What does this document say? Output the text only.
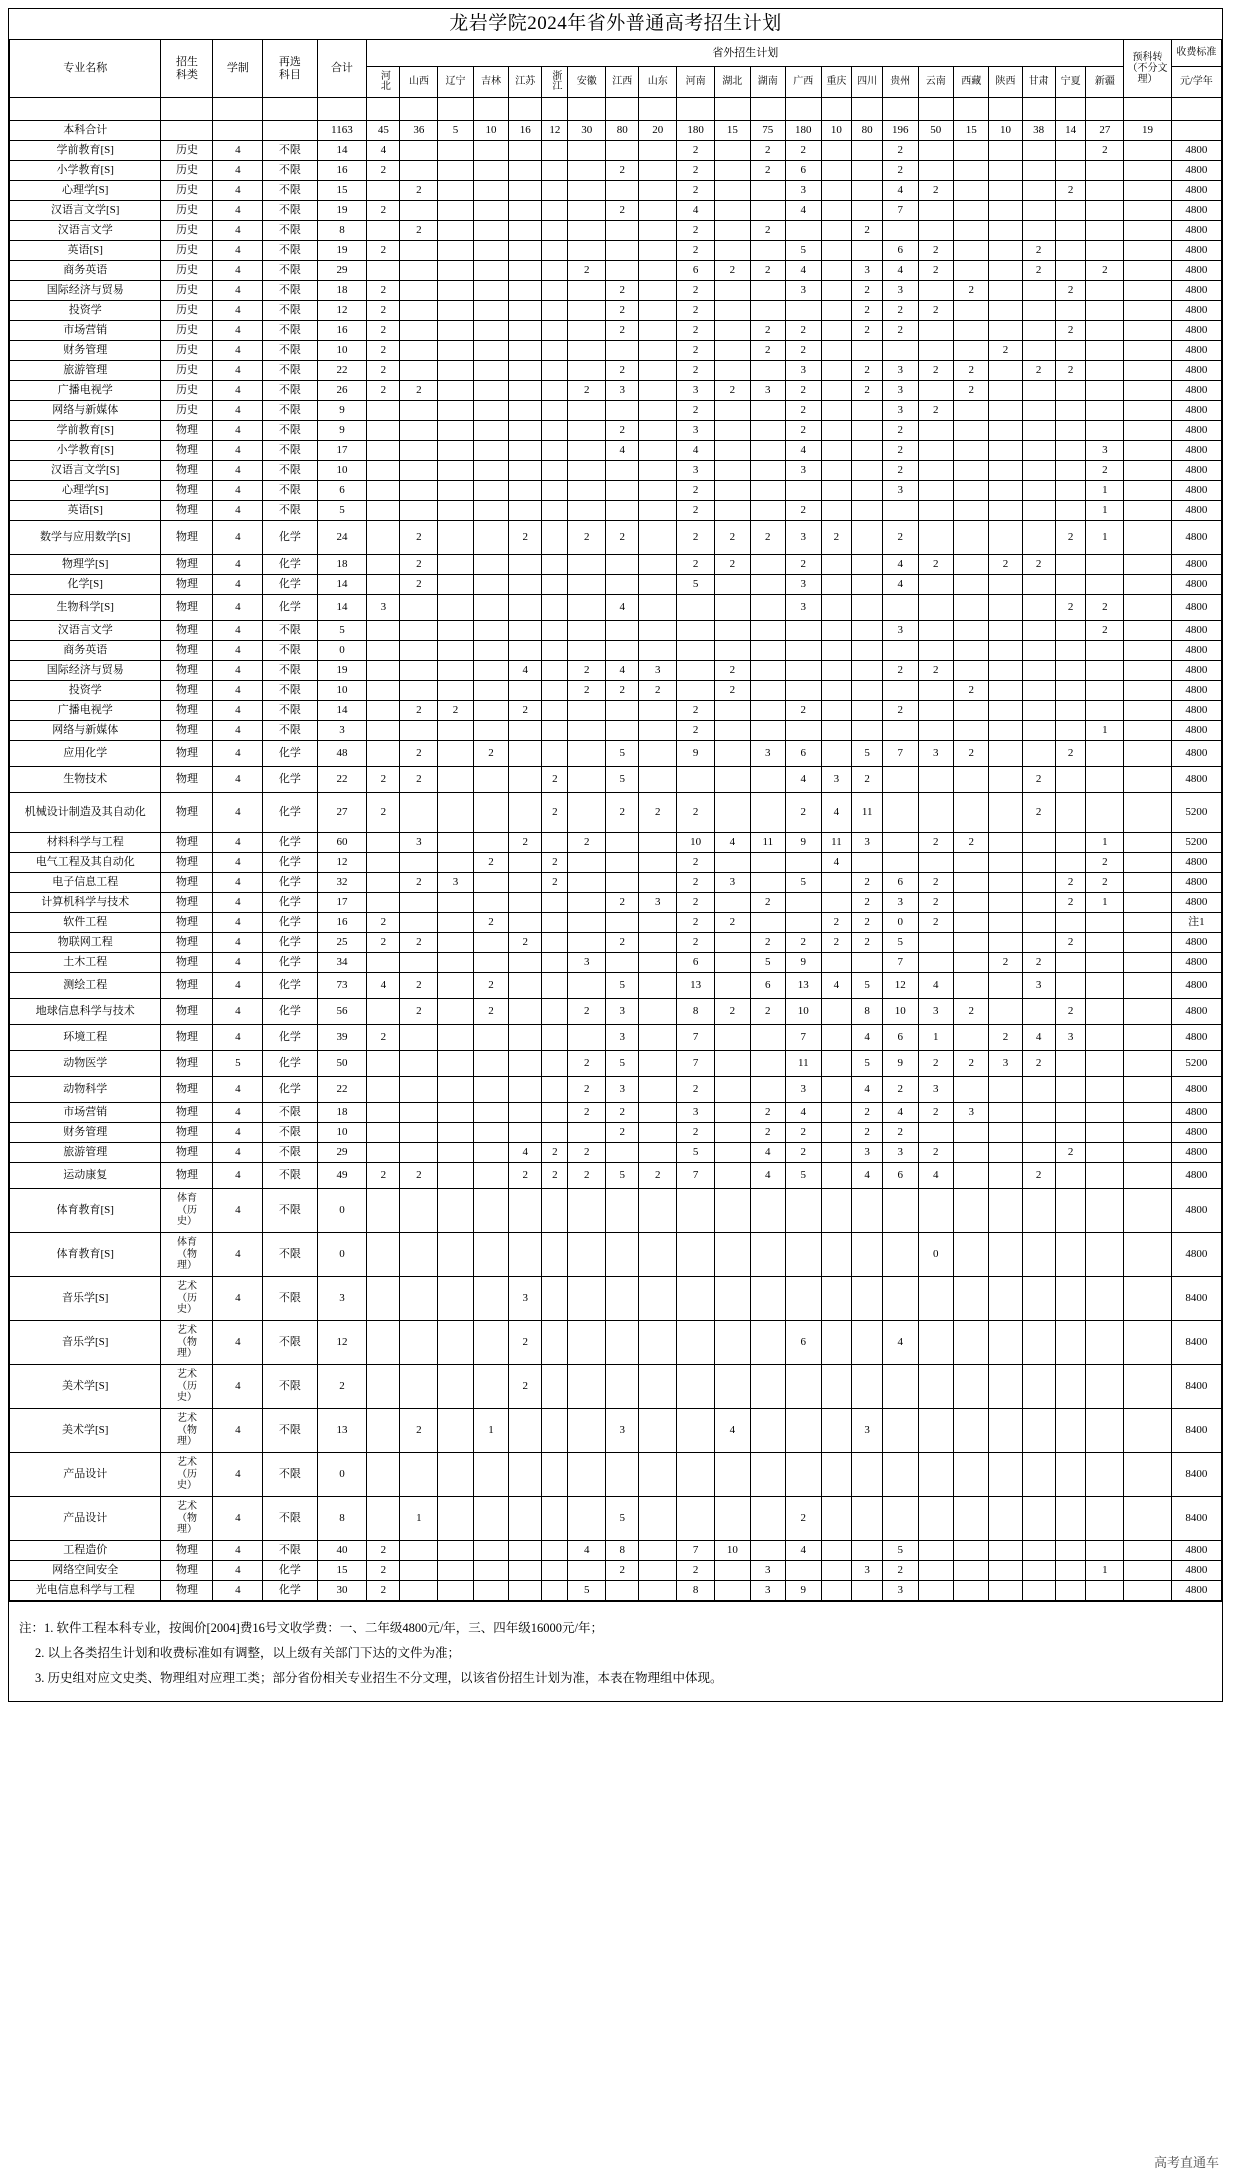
龙岩学院2024年省外普通高考招生计划																												

专业名称	招生科类	学制	再选科目	合计	省外招生计划																						预科转（不分文理）	收费标准
					河北	山西	辽宁	吉林	江苏	浙江	安徽	江西	山东	河南	湖北	湖南	广西	重庆	四川	贵州	云南	西藏	陕西	甘肃	宁夏	新疆		元/学年

本科合计				1163	45	36	5	10	16	12	30	80	20	180	15	75	180	10	80	196	50	15	10	38	14	27	19	
学前教育[S]	历史	4	不限	14	4									2		2	2			2						2		4800
小学教育[S]	历史	4	不限	16	2							2		2		2	6			2								4800
心理学[S]	历史	4	不限	15		2								2			3			4	2				2			4800
汉语言文学[S]	历史	4	不限	19	2							2		4			4			7								4800
汉语言文学	历史	4	不限	8		2								2		2			2									4800
英语[S]	历史	4	不限	19	2									2			5			6	2			2				4800
商务英语	历史	4	不限	29							2			6	2	2	4		3	4	2			2		2		4800
国际经济与贸易	历史	4	不限	18	2							2		2			3		2	3		2			2			4800
投资学	历史	4	不限	12	2							2		2					2	2	2							4800
市场营销	历史	4	不限	16	2							2		2		2	2		2	2					2			4800
财务管理	历史	4	不限	10	2									2		2	2						2					4800
旅游管理	历史	4	不限	22	2							2		2			3		2	3	2	2		2	2			4800
广播电视学	历史	4	不限	26	2	2					2	3		3	2	3	2		2	3		2						4800
网络与新媒体	历史	4	不限	9										2			2			3	2							4800
学前教育[S]	物理	4	不限	9								2		3			2			2								4800
小学教育[S]	物理	4	不限	17								4		4			4			2						3		4800
汉语言文学[S]	物理	4	不限	10										3			3			2						2		4800
心理学[S]	物理	4	不限	6										2						3						1		4800
英语[S]	物理	4	不限	5										2			2									1		4800
数学与应用数学[S]	物理	4	化学	24		2			2		2	2		2	2	2	3	2		2					2	1		4800
物理学[S]	物理	4	化学	18		2								2	2		2			4	2		2	2				4800
化学[S]	物理	4	化学	14		2								5			3			4								4800
生物科学[S]	物理	4	化学	14	3							4					3								2	2		4800
汉语言文学	物理	4	不限	5																3						2		4800
商务英语	物理	4	不限	0																								4800
国际经济与贸易	物理	4	不限	19					4		2	4	3		2					2	2							4800
投资学	物理	4	不限	10							2	2	2		2							2						4800
广播电视学	物理	4	不限	14		2	2		2					2			2			2								4800
网络与新媒体	物理	4	不限	3										2												1		4800
应用化学	物理	4	化学	48		2		2				5		9		3	6		5	7	3	2			2			4800
生物技术	物理	4	化学	22	2	2				2		5					4	3	2					2				4800
机械设计制造及其自动化	物理	4	化学	27	2					2		2	2	2			2	4	11					2				5200
材料科学与工程	物理	4	化学	60		3			2		2			10	4	11	9	11	3		2	2				1		5200
电气工程及其自动化	物理	4	化学	12				2		2				2				4								2		4800
电子信息工程	物理	4	化学	32		2	3			2				2	3		5		2	6	2				2	2		4800
计算机科学与技术	物理	4	化学	17								2	3	2		2			2	3	2				2	1		4800
软件工程	物理	4	化学	16	2			2						2	2			2	2	0	2							注1
物联网工程	物理	4	化学	25	2	2			2			2		2		2	2	2	2	5					2			4800
土木工程	物理	4	化学	34							3			6		5	9			7			2	2				4800
测绘工程	物理	4	化学	73	4	2		2				5		13		6	13	4	5	12	4			3				4800
地球信息科学与技术	物理	4	化学	56		2		2			2	3		8	2	2	10		8	10	3	2			2			4800
环境工程	物理	4	化学	39	2							3		7			7		4	6	1		2	4	3			4800
动物医学	物理	5	化学	50							2	5		7			11		5	9	2	2	3	2				5200
动物科学	物理	4	化学	22							2	3		2			3		4	2	3							4800
市场营销	物理	4	不限	18							2	2		3		2	4		2	4	2	3						4800
财务管理	物理	4	不限	10								2		2		2	2		2	2								4800
旅游管理	物理	4	不限	29					4	2	2			5		4	2		3	3	2				2			4800
运动康复	物理	4	不限	49	2	2			2	2	2	5	2	7		4	5		4	6	4			2				4800
体育教育[S]	体育（历史）	4	不限	0																								4800
体育教育[S]	体育（物理）	4	不限	0																	0							4800
音乐学[S]	艺术（历史）	4	不限	3					3																			8400
音乐学[S]	艺术（物理）	4	不限	12					2								6			4								8400
美术学[S]	艺术（历史）	4	不限	2					2																			8400
美术学[S]	艺术（物理）	4	不限	13		2		1				3			4				3									8400
产品设计	艺术（历史）	4	不限	0																								8400
产品设计	艺术（物理）	4	不限	8		1						5					2											8400
工程造价	物理	4	不限	40	2						4	8		7	10		4			5								4800
网络空间安全	物理	4	化学	15	2							2		2		3			3	2						1		4800
光电信息科学与工程	物理	4	化学	30	2						5			8		3	9			3								4800
注：1. 软件工程本科专业，按闽价[2004]费16号文收学费：一、二年级4800元/年，三、四年级16000元/年；
2. 以上各类招生计划和收费标准如有调整，以上级有关部门下达的文件为准；
3. 历史组对应文史类、物理组对应理工类；部分省份相关专业招生不分文理，以该省份招生计划为准，本表在物理组中体现。
高考直通车
